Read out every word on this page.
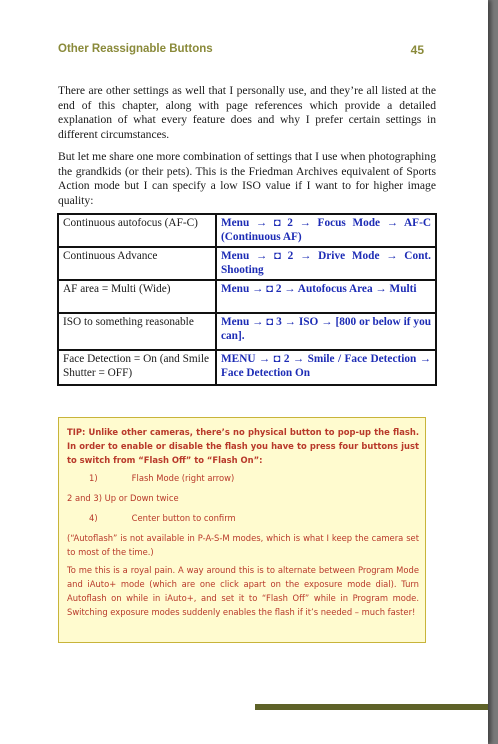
Other Reassignable Buttons	45

There are other settings as well that I personally use, and they’re all listed at the end of this chapter, along with page references which provide a detailed explanation of what every feature does and why I prefer certain settings in different circumstances.

But let me share one more combination of settings that I use when photographing the grandkids (or their pets). This is the Friedman Archives equivalent of Sports Action mode but I can specify a low ISO value if I want to for higher image quality:

Continuous autofocus (AF-C)	Menu → ◘ 2 → Focus Mode → AF-C (Continuous AF)
Continuous Advance	Menu → ◘ 2 → Drive Mode → Cont. Shooting
AF area = Multi (Wide)	Menu → ◘ 2 → Autofocus Area → Multi
ISO to something reasonable	Menu → ◘ 3 → ISO → [800 or below if you can].
Face Detection = On (and Smile Shutter = OFF)	MENU → ◘ 2 → Smile / Face Detection → Face Detection On

TIP: Unlike other cameras, there’s no physical button to pop-up the flash. In order to enable or disable the flash you have to press four buttons just to switch from “Flash Off” to “Flash On”:

1)	Flash Mode (right arrow)

2 and 3) Up or Down twice

4)	Center button to confirm

(“Autoflash” is not available in P-A-S-M modes, which is what I keep the camera set to most of the time.)

To me this is a royal pain. A way around this is to alternate between Program Mode and iAuto+ mode (which are one click apart on the exposure mode dial). Turn Autoflash on while in iAuto+, and set it to “Flash Off” while in Program mode. Switching exposure modes suddenly enables the flash if it’s needed – much faster!
